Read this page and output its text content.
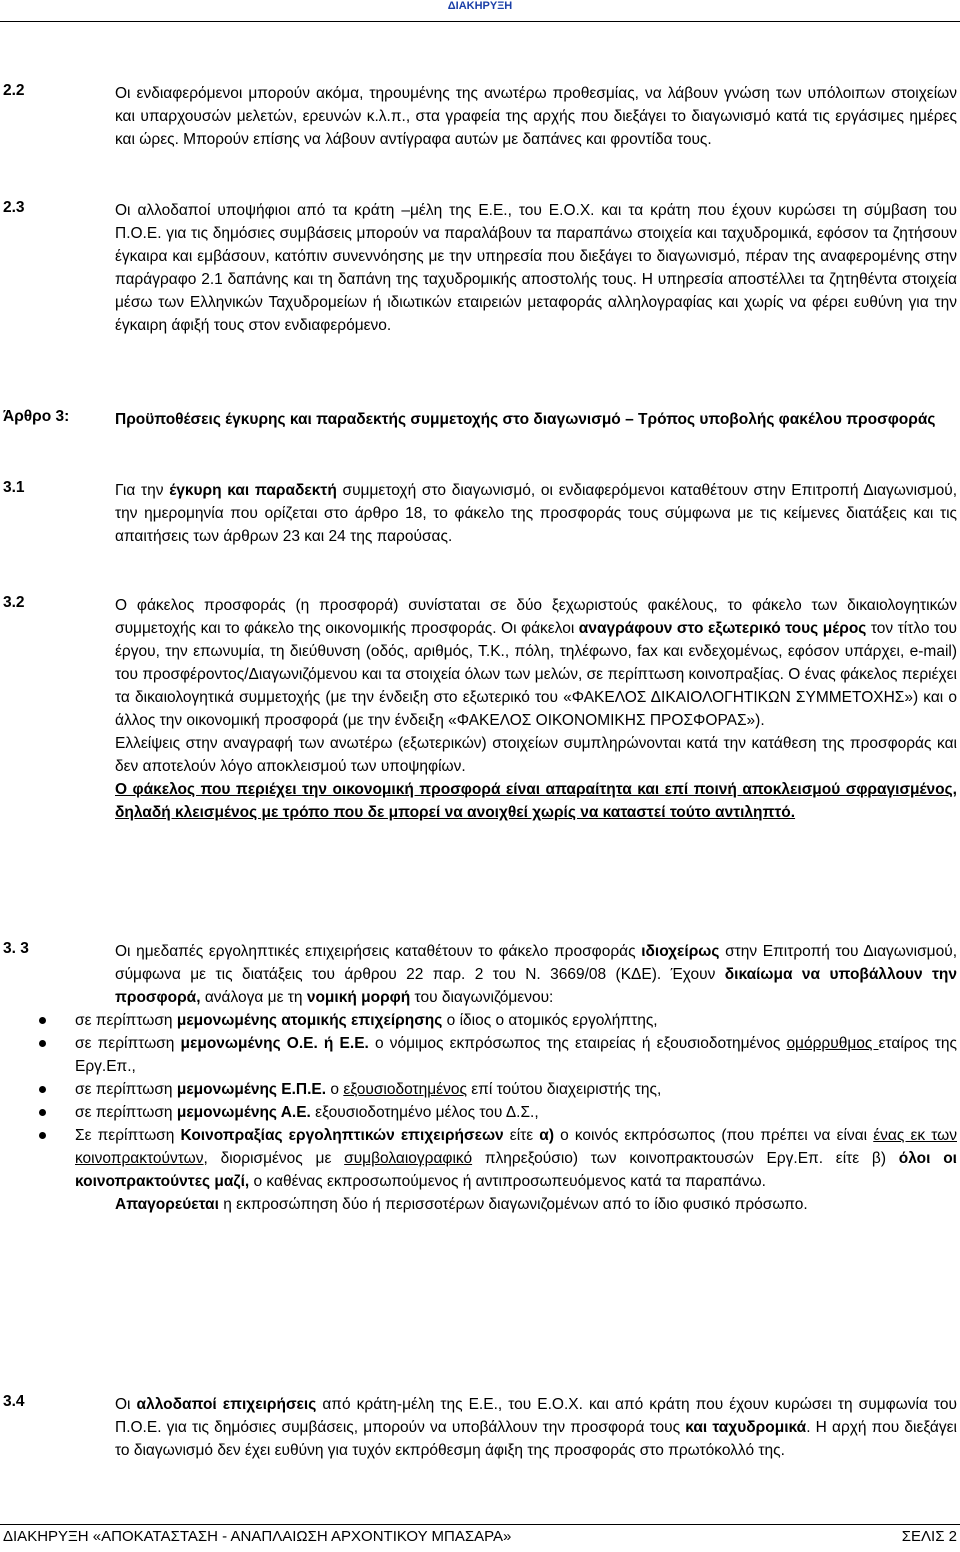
ΔΙΑΚΗΡΥΞΗ
2.2	Οι ενδιαφερόμενοι μπορούν ακόμα, τηρουμένης της ανωτέρω προθεσμίας, να λάβουν γνώση των υπόλοιπων στοιχείων και υπαρχουσών μελετών, ερευνών κ.λ.π., στα γραφεία της αρχής που διεξάγει το διαγωνισμό κατά τις εργάσιμες ημέρες και ώρες. Μπορούν επίσης να λάβουν αντίγραφα αυτών με δαπάνες και φροντίδα τους.

2.3	Οι αλλοδαποί υποψήφιοι από τα κράτη –μέλη της Ε.Ε., του Ε.Ο.Χ. και τα κράτη που έχουν κυρώσει τη σύμβαση του Π.Ο.Ε. για τις δημόσιες συμβάσεις μπορούν να παραλάβουν τα παραπάνω στοιχεία και ταχυδρομικά, εφόσον τα ζητήσουν έγκαιρα και εμβάσουν, κατόπιν συνεννόησης με την υπηρεσία που διεξάγει το διαγωνισμό, πέραν της αναφερομένης στην παράγραφο 2.1 δαπάνης και τη δαπάνη της ταχυδρομικής αποστολής τους. Η υπηρεσία αποστέλλει τα ζητηθέντα στοιχεία μέσω των Ελληνικών Ταχυδρομείων ή ιδιωτικών εταιρειών μεταφοράς αλληλογραφίας και χωρίς να φέρει ευθύνη για την έγκαιρη άφιξή τους στον ενδιαφερόμενο.

Άρθρο 3:	Προϋποθέσεις έγκυρης και παραδεκτής συμμετοχής στο διαγωνισμό – Τρόπος υποβολής φακέλου προσφοράς
3.1	Για την έγκυρη και παραδεκτή συμμετοχή στο διαγωνισμό, οι ενδιαφερόμενοι καταθέτουν στην Επιτροπή Διαγωνισμού, την ημερομηνία που ορίζεται στο άρθρο 18, το φάκελο της προσφοράς τους σύμφωνα με τις κείμενες διατάξεις και τις απαιτήσεις των άρθρων 23 και 24 της παρούσας.

3.2	Ο φάκελος προσφοράς (η προσφορά) συνίσταται σε δύο ξεχωριστούς φακέλους, το φάκελο των δικαιολογητικών συμμετοχής και το φάκελο της οικονομικής προσφοράς. Οι φάκελοι αναγράφουν στο εξωτερικό τους μέρος τον τίτλο του έργου, την επωνυμία, τη διεύθυνση (οδός, αριθμός, Τ.Κ., πόλη, τηλέφωνο, fax και ενδεχομένως, εφόσον υπάρχει, e-mail) του προσφέροντος/Διαγωνιζόμενου και τα στοιχεία όλων των μελών, σε περίπτωση κοινοπραξίας. Ο ένας φάκελος περιέχει τα δικαιολογητικά συμμετοχής (με την ένδειξη στο εξωτερικό του «ΦΑΚΕΛΟΣ ΔΙΚΑΙΟΛΟΓΗΤΙΚΩΝ ΣΥΜΜΕΤΟΧΗΣ») και ο άλλος την οικονομική προσφορά (με την ένδειξη «ΦΑΚΕΛΟΣ ΟΙΚΟΝΟΜΙΚΗΣ ΠΡΟΣΦΟΡΑΣ»).

Ελλείψεις στην αναγραφή των ανωτέρω (εξωτερικών) στοιχείων συμπληρώνονται κατά την κατάθεση της προσφοράς και δεν αποτελούν λόγο αποκλεισμού των υποψηφίων.

Ο φάκελος που περιέχει την οικονομική προσφορά είναι απαραίτητα και επί ποινή αποκλεισμού σφραγισμένος, δηλαδή κλεισμένος με τρόπο που δε μπορεί να ανοιχθεί χωρίς να καταστεί τούτο αντιληπτό.

3. 3	Οι ημεδαπές εργοληπτικές επιχειρήσεις καταθέτουν το φάκελο προσφοράς ιδιοχείρως στην Επιτροπή του Διαγωνισμού, σύμφωνα με τις διατάξεις του άρθρου 22 παρ. 2 του Ν. 3669/08 (ΚΔΕ). Έχουν δικαίωμα να υποβάλλουν την προσφορά, ανάλογα με τη νομική μορφή του διαγωνιζόμενου:

σε περίπτωση μεμονωμένης ατομικής επιχείρησης ο ίδιος ο ατομικός εργολήπτης,
σε περίπτωση μεμονωμένης Ο.Ε. ή Ε.Ε. ο νόμιμος εκπρόσωπος της εταιρείας ή εξουσιοδοτημένος ομόρρυθμος εταίρος της Εργ.Επ.,
σε περίπτωση μεμονωμένης Ε.Π.Ε. ο εξουσιοδοτημένος επί τούτου διαχειριστής της,
σε περίπτωση μεμονωμένης Α.Ε. εξουσιοδοτημένο μέλος του Δ.Σ.,
Σε περίπτωση Κοινοπραξίας εργοληπτικών επιχειρήσεων είτε α) ο κοινός εκπρόσωπος (που πρέπει να είναι ένας εκ των κοινοπρακτούντων, διορισμένος με συμβολαιογραφικό πληρεξούσιο) των κοινοπρακτουσών Εργ.Επ. είτε β) όλοι οι κοινοπρακτούντες μαζί, ο καθένας εκπροσωπούμενος ή αντιπροσωπευόμενος κατά τα παραπάνω.

Απαγορεύεται η εκπροσώπηση δύο ή περισσοτέρων διαγωνιζομένων από το ίδιο φυσικό πρόσωπο.

3.4	Οι αλλοδαποί επιχειρήσεις από κράτη-μέλη της Ε.Ε., του Ε.Ο.Χ. και από κράτη που έχουν κυρώσει τη συμφωνία του Π.Ο.Ε. για τις δημόσιες συμβάσεις, μπορούν να υποβάλλουν την προσφορά τους και ταχυδρομικά. Η αρχή που διεξάγει το διαγωνισμό δεν έχει ευθύνη για τυχόν εκπρόθεσμη άφιξη της προσφοράς στο πρωτόκολλό της.

ΔΙΑΚΗΡΥΞΗ «ΑΠΟΚΑΤΑΣΤΑΣΗ - ΑΝΑΠΛΑΙΩΣΗ ΑΡΧΟΝΤΙΚΟΥ ΜΠΑΣΑΡΑ»	ΣΕΛΙΣ 2
